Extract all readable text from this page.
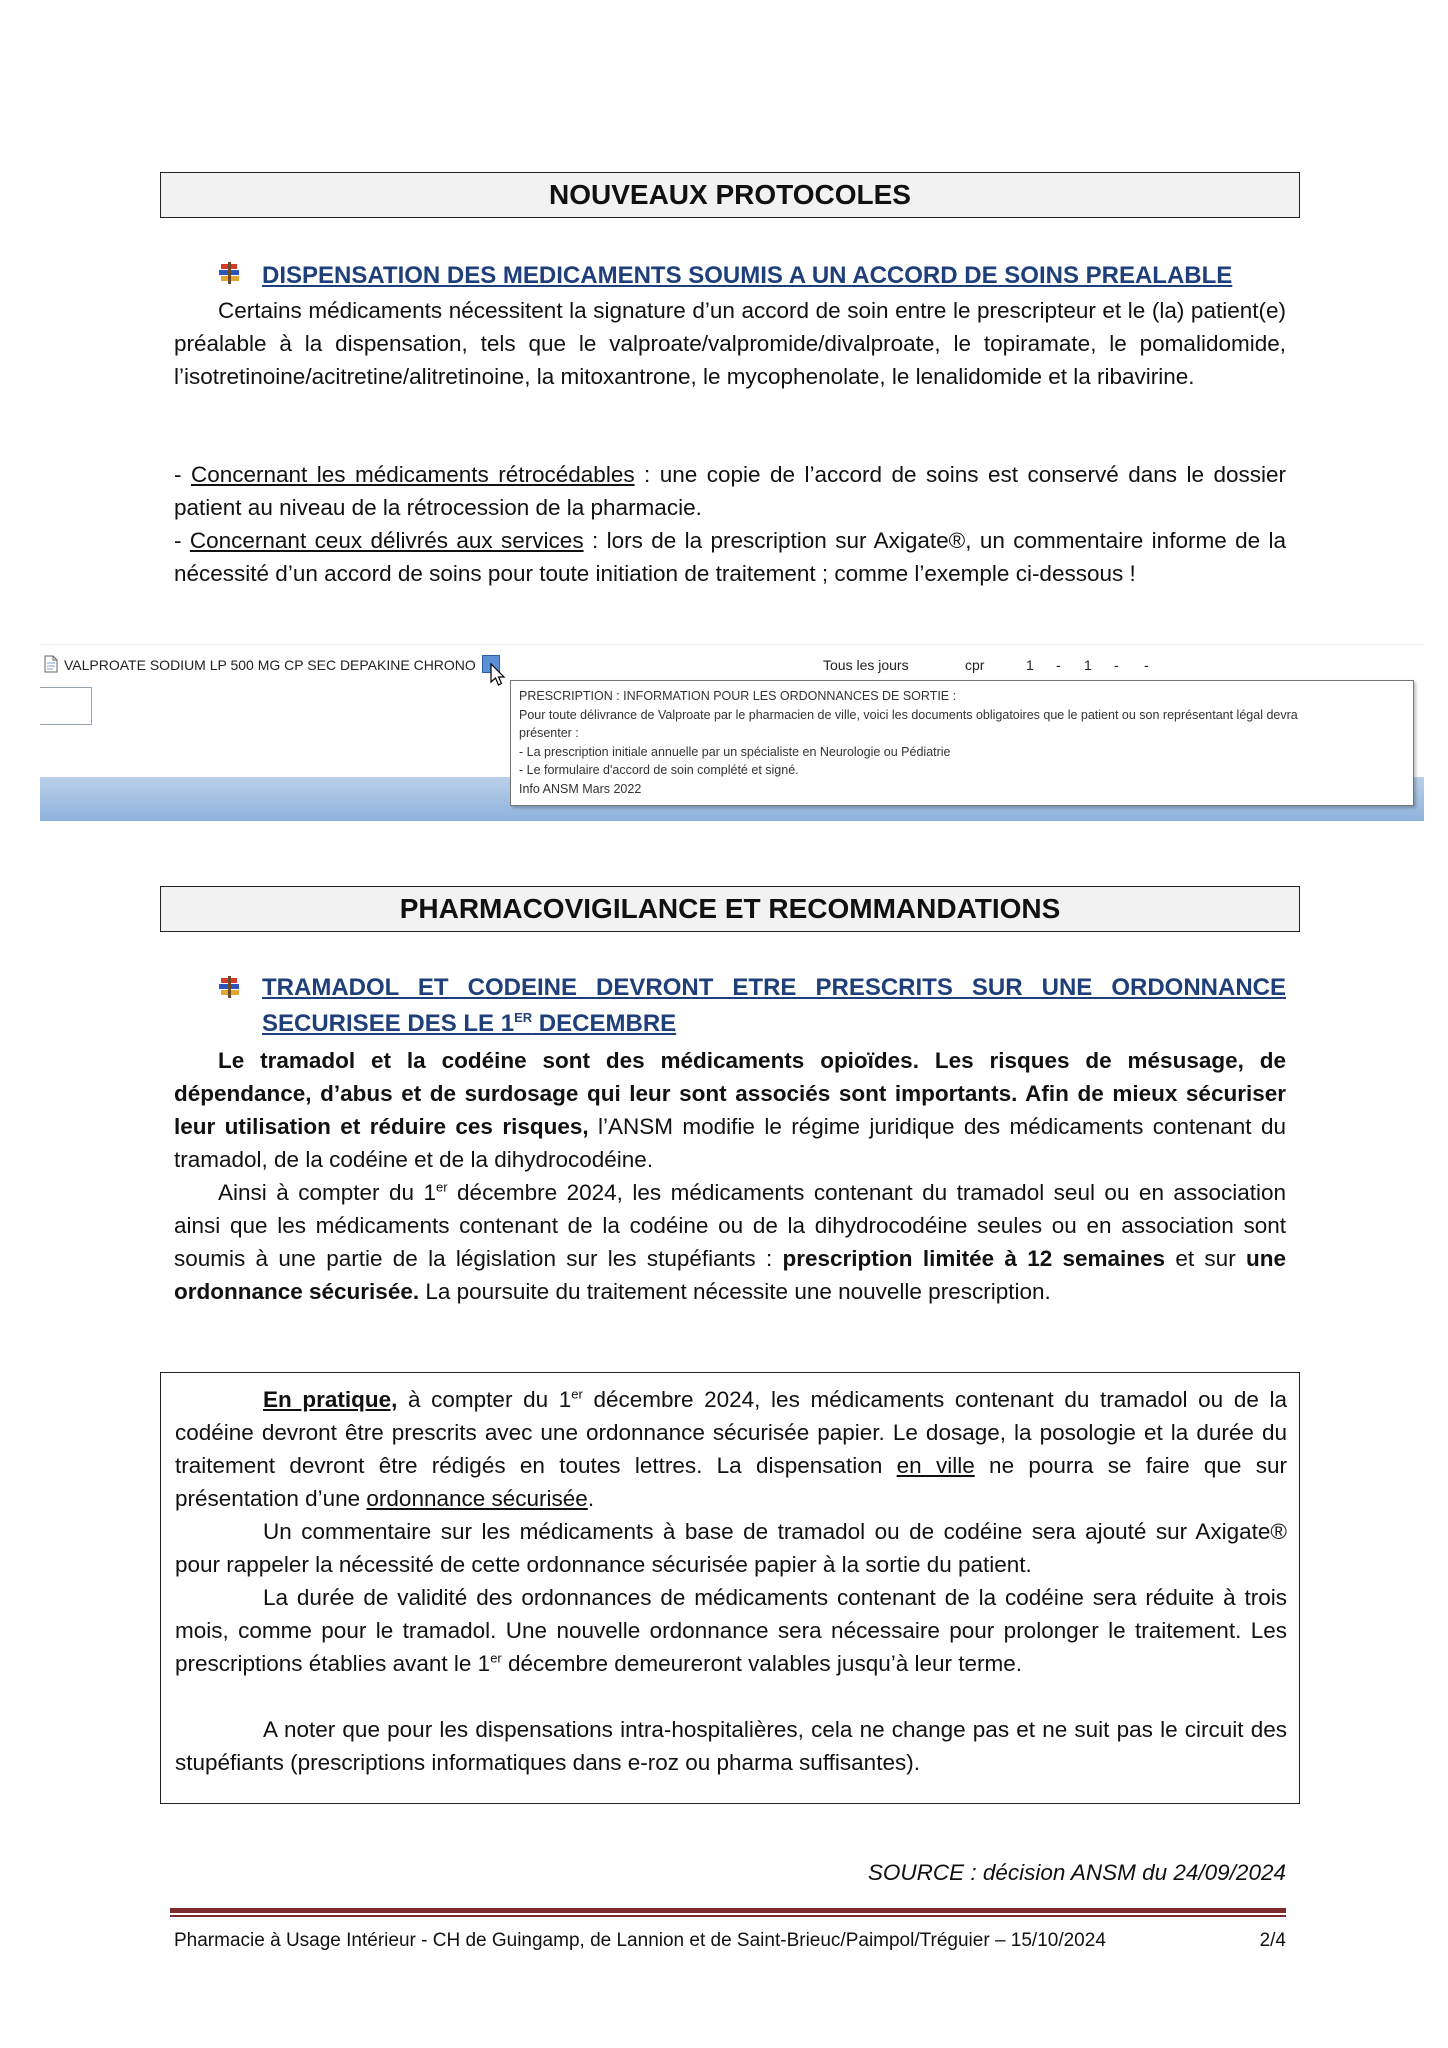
NOUVEAUX PROTOCOLES
DISPENSATION DES MEDICAMENTS SOUMIS A UN ACCORD DE SOINS PREALABLE

Certains médicaments nécessitent la signature d’un accord de soin entre le prescripteur et le (la) patient(e) préalable à la dispensation, tels que le valproate/valpromide/divalproate, le topiramate, le pomalidomide, l’isotretinoine/acitretine/alitretinoine, la mitoxantrone, le mycophenolate, le lenalidomide et la ribavirine.

- Concernant les médicaments rétrocédables : une copie de l’accord de soins est conservé dans le dossier patient au niveau de la rétrocession de la pharmacie.

- Concernant ceux délivrés aux services : lors de la prescription sur Axigate®, un commentaire informe de la nécessité d’un accord de soins pour toute initiation de traitement ; comme l’exemple ci-dessous !

VALPROATE SODIUM LP 500 MG CP SEC DEPAKINE CHRONO	Tous les jours	cpr	1 - 1 - -
PRESCRIPTION : INFORMATION POUR LES ORDONNANCES DE SORTIE :
Pour toute délivrance de Valproate par le pharmacien de ville, voici les documents obligatoires que le patient ou son représentant légal devra
présenter :
- La prescription initiale annuelle par un spécialiste en Neurologie ou Pédiatrie
- Le formulaire d'accord de soin complété et signé.
Info ANSM Mars 2022
PHARMACOVIGILANCE ET RECOMMANDATIONS
TRAMADOL ET CODEINE DEVRONT ETRE PRESCRITS SUR UNE ORDONNANCE
SECURISEE DES LE 1ER DECEMBRE

Le tramadol et la codéine sont des médicaments opioïdes. Les risques de mésusage, de dépendance, d’abus et de surdosage qui leur sont associés sont importants. Afin de mieux sécuriser leur utilisation et réduire ces risques, l’ANSM modifie le régime juridique des médicaments contenant du tramadol, de la codéine et de la dihydrocodéine.

Ainsi à compter du 1er décembre 2024, les médicaments contenant du tramadol seul ou en association ainsi que les médicaments contenant de la codéine ou de la dihydrocodéine seules ou en association sont soumis à une partie de la législation sur les stupéfiants : prescription limitée à 12 semaines et sur une ordonnance sécurisée. La poursuite du traitement nécessite une nouvelle prescription.

En pratique, à compter du 1er décembre 2024, les médicaments contenant du tramadol ou de la codéine devront être prescrits avec une ordonnance sécurisée papier. Le dosage, la posologie et la durée du traitement devront être rédigés en toutes lettres. La dispensation en ville ne pourra se faire que sur présentation d’une ordonnance sécurisée.

Un commentaire sur les médicaments à base de tramadol ou de codéine sera ajouté sur Axigate® pour rappeler la nécessité de cette ordonnance sécurisée papier à la sortie du patient.

La durée de validité des ordonnances de médicaments contenant de la codéine sera réduite à trois mois, comme pour le tramadol. Une nouvelle ordonnance sera nécessaire pour prolonger le traitement. Les prescriptions établies avant le 1er décembre demeureront valables jusqu’à leur terme.

A noter que pour les dispensations intra-hospitalières, cela ne change pas et ne suit pas le circuit des stupéfiants (prescriptions informatiques dans e-roz ou pharma suffisantes).

SOURCE : décision ANSM du 24/09/2024
Pharmacie à Usage Intérieur - CH de Guingamp, de Lannion et de Saint-Brieuc/Paimpol/Tréguier – 15/10/2024	2/4
